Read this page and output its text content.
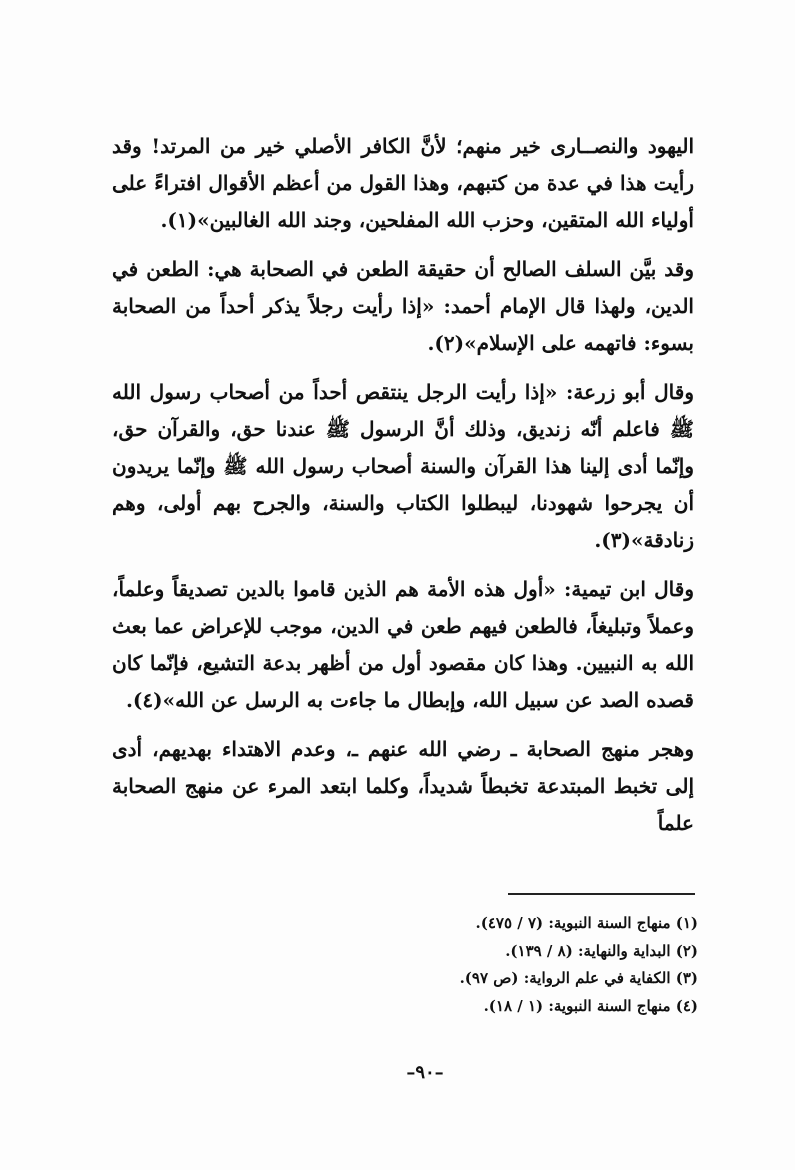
اليهود والنصــارى خير منهم؛ لأنَّ الكافر الأصلي خير من المرتد! وقد رأيت هذا في عدة من كتبهم، وهذا القول من أعظم الأقوال افتراءً على أولياء الله المتقين، وحزب الله المفلحين، وجند الله الغالبين»(١).

وقد بيَّن السلف الصالح أن حقيقة الطعن في الصحابة هي: الطعن في الدين، ولهذا قال الإمام أحمد: «إذا رأيت رجلاً يذكر أحداً من الصحابة بسوء: فاتهمه على الإسلام»(٢).

وقال أبو زرعة: «إذا رأيت الرجل ينتقص أحداً من أصحاب رسول الله ﷺ فاعلم أنّه زنديق، وذلك أنَّ الرسول ﷺ عندنا حق، والقرآن حق، وإنّما أدى إلينا هذا القرآن والسنة أصحاب رسول الله ﷺ وإنّما يريدون أن يجرحوا شهودنا، ليبطلوا الكتاب والسنة، والجرح بهم أولى، وهم زنادقة»(٣).

وقال ابن تيمية: «أول هذه الأمة هم الذين قاموا بالدين تصديقاً وعلماً، وعملاً وتبليغاً، فالطعن فيهم طعن في الدين، موجب للإعراض عما بعث الله به النبيين. وهذا كان مقصود أول من أظهر بدعة التشيع، فإنّما كان قصده الصد عن سبيل الله، وإبطال ما جاءت به الرسل عن الله»(٤).

وهجر منهج الصحابة ـ رضي الله عنهم ـ، وعدم الاهتداء بهديهم، أدى إلى تخبط المبتدعة تخبطاً شديداً، وكلما ابتعد المرء عن منهج الصحابة علماً

(١) منهاج السنة النبوية: (٧ / ٤٧٥).
(٢) البداية والنهاية: (٨ / ١٣٩).
(٣) الكفاية في علم الرواية: (ص ٩٧).
(٤) منهاج السنة النبوية: (١ / ١٨).
–٩٠–
